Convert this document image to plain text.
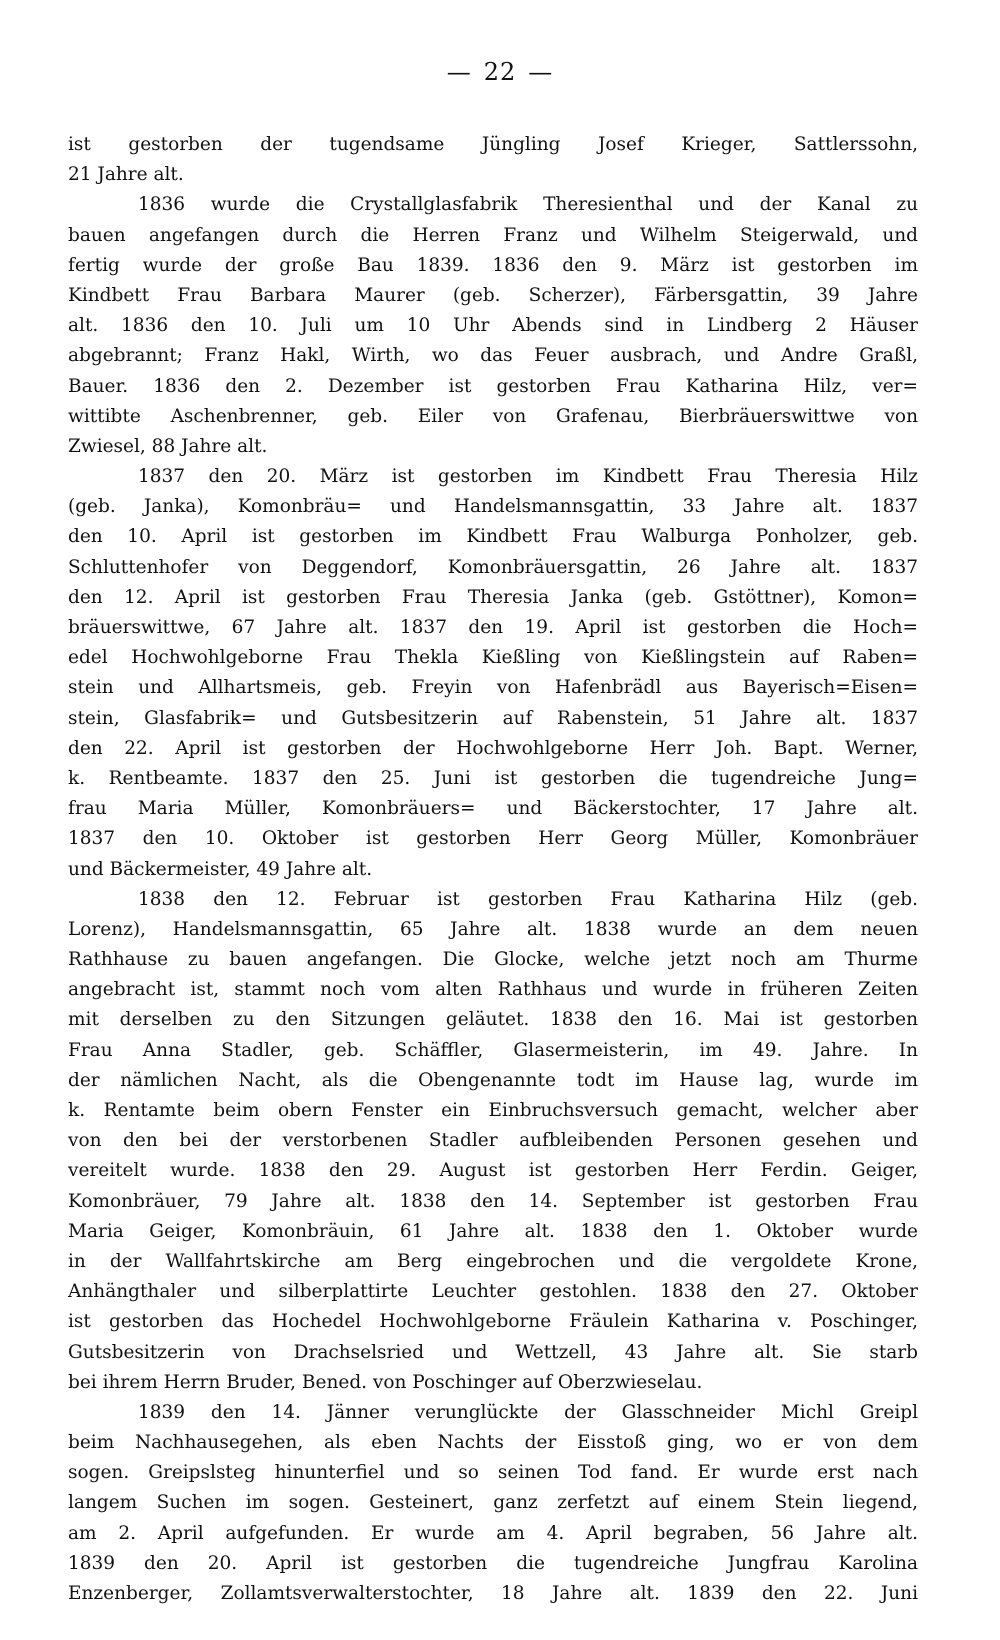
— 22 —
ist gestorben der tugendsame Jüngling Josef Krieger, Sattlerssohn,
21 Jahre alt.
1836 wurde die Crystallglasfabrik Theresienthal und der Kanal zu
bauen angefangen durch die Herren Franz und Wilhelm Steigerwald, und
fertig wurde der große Bau 1839. 1836 den 9. März ist gestorben im
Kindbett Frau Barbara Maurer (geb. Scherzer), Färbersgattin, 39 Jahre
alt. 1836 den 10. Juli um 10 Uhr Abends sind in Lindberg 2 Häuser
abgebrannt; Franz Hakl, Wirth, wo das Feuer ausbrach, und Andre Graßl,
Bauer. 1836 den 2. Dezember ist gestorben Frau Katharina Hilz, ver=
wittibte Aschenbrenner, geb. Eiler von Grafenau, Bierbräuerswittwe von
Zwiesel, 88 Jahre alt.
1837 den 20. März ist gestorben im Kindbett Frau Theresia Hilz
(geb. Janka), Komonbräu= und Handelsmannsgattin, 33 Jahre alt. 1837
den 10. April ist gestorben im Kindbett Frau Walburga Ponholzer, geb.
Schluttenhofer von Deggendorf, Komonbräuersgattin, 26 Jahre alt. 1837
den 12. April ist gestorben Frau Theresia Janka (geb. Gstöttner), Komon=
bräuerswittwe, 67 Jahre alt. 1837 den 19. April ist gestorben die Hoch=
edel Hochwohlgeborne Frau Thekla Kießling von Kießlingstein auf Raben=
stein und Allhartsmeis, geb. Freyin von Hafenbrädl aus Bayerisch=Eisen=
stein, Glasfabrik= und Gutsbesitzerin auf Rabenstein, 51 Jahre alt. 1837
den 22. April ist gestorben der Hochwohlgeborne Herr Joh. Bapt. Werner,
k. Rentbeamte. 1837 den 25. Juni ist gestorben die tugendreiche Jung=
frau Maria Müller, Komonbräuers= und Bäckerstochter, 17 Jahre alt.
1837 den 10. Oktober ist gestorben Herr Georg Müller, Komonbräuer
und Bäckermeister, 49 Jahre alt.
1838 den 12. Februar ist gestorben Frau Katharina Hilz (geb.
Lorenz), Handelsmannsgattin, 65 Jahre alt. 1838 wurde an dem neuen
Rathhause zu bauen angefangen. Die Glocke, welche jetzt noch am Thurme
angebracht ist, stammt noch vom alten Rathhaus und wurde in früheren Zeiten
mit derselben zu den Sitzungen geläutet. 1838 den 16. Mai ist gestorben
Frau Anna Stadler, geb. Schäffler, Glasermeisterin, im 49. Jahre. In
der nämlichen Nacht, als die Obengenannte todt im Hause lag, wurde im
k. Rentamte beim obern Fenster ein Einbruchsversuch gemacht, welcher aber
von den bei der verstorbenen Stadler aufbleibenden Personen gesehen und
vereitelt wurde. 1838 den 29. August ist gestorben Herr Ferdin. Geiger,
Komonbräuer, 79 Jahre alt. 1838 den 14. September ist gestorben Frau
Maria Geiger, Komonbräuin, 61 Jahre alt. 1838 den 1. Oktober wurde
in der Wallfahrtskirche am Berg eingebrochen und die vergoldete Krone,
Anhängthaler und silberplattirte Leuchter gestohlen. 1838 den 27. Oktober
ist gestorben das Hochedel Hochwohlgeborne Fräulein Katharina v. Poschinger,
Gutsbesitzerin von Drachselsried und Wettzell, 43 Jahre alt. Sie starb
bei ihrem Herrn Bruder, Bened. von Poschinger auf Oberzwieselau.
1839 den 14. Jänner verunglückte der Glasschneider Michl Greipl
beim Nachhausegehen, als eben Nachts der Eisstoß ging, wo er von dem
sogen. Greipslsteg hinunterfiel und so seinen Tod fand. Er wurde erst nach
langem Suchen im sogen. Gesteinert, ganz zerfetzt auf einem Stein liegend,
am 2. April aufgefunden. Er wurde am 4. April begraben, 56 Jahre alt.
1839 den 20. April ist gestorben die tugendreiche Jungfrau Karolina
Enzenberger, Zollamtsverwalterstochter, 18 Jahre alt. 1839 den 22. Juni
